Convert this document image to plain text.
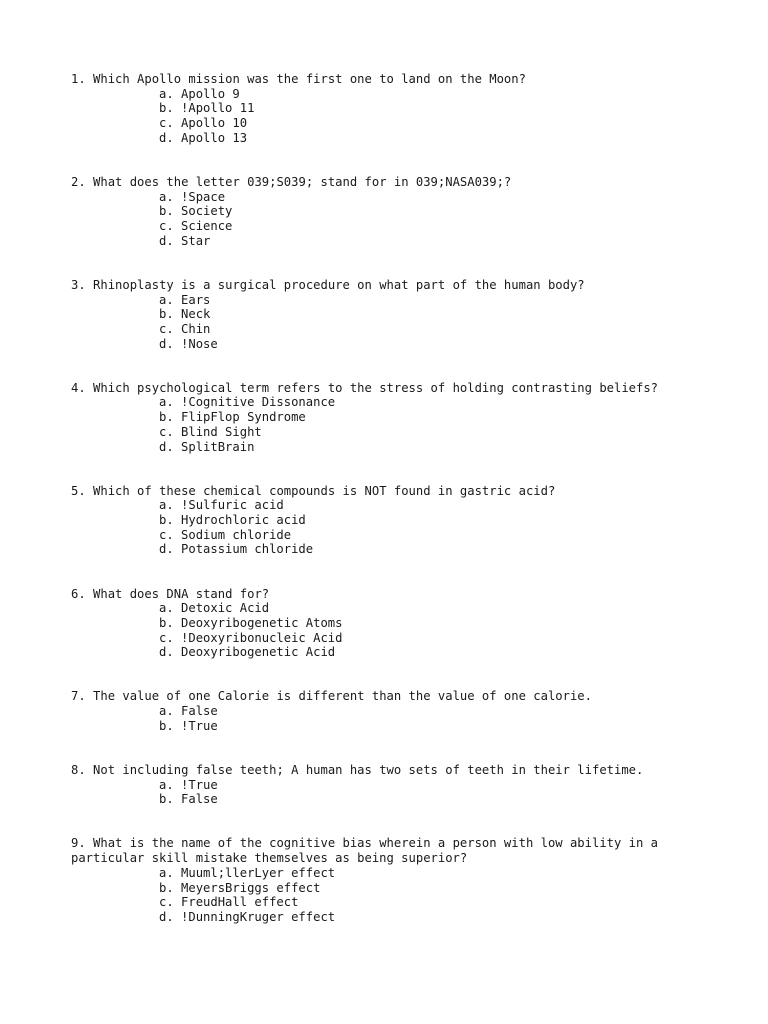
1. Which Apollo mission was the first one to land on the Moon?

a. Apollo 9
b. !Apollo 11
c. Apollo 10
d. Apollo 13

2. What does the letter 039;S039; stand for in 039;NASA039;?

a. !Space
b. Society
c. Science
d. Star

3. Rhinoplasty is a surgical procedure on what part of the human body?

a. Ears
b. Neck
c. Chin
d. !Nose

4. Which psychological term refers to the stress of holding contrasting beliefs?

a. !Cognitive Dissonance
b. FlipFlop Syndrome
c. Blind Sight
d. SplitBrain

5. Which of these chemical compounds is NOT found in gastric acid?

a. !Sulfuric acid
b. Hydrochloric acid
c. Sodium chloride
d. Potassium chloride

6. What does DNA stand for?

a. Detoxic Acid
b. Deoxyribogenetic Atoms
c. !Deoxyribonucleic Acid
d. Deoxyribogenetic Acid

7. The value of one Calorie is different than the value of one calorie.

a. False
b. !True

8. Not including false teeth; A human has two sets of teeth in their lifetime.

a. !True
b. False

9. What is the name of the cognitive bias wherein a person with low ability in a particular skill mistake themselves as being superior?

a. Muuml;llerLyer effect
b. MeyersBriggs effect
c. FreudHall effect
d. !DunningKruger effect
